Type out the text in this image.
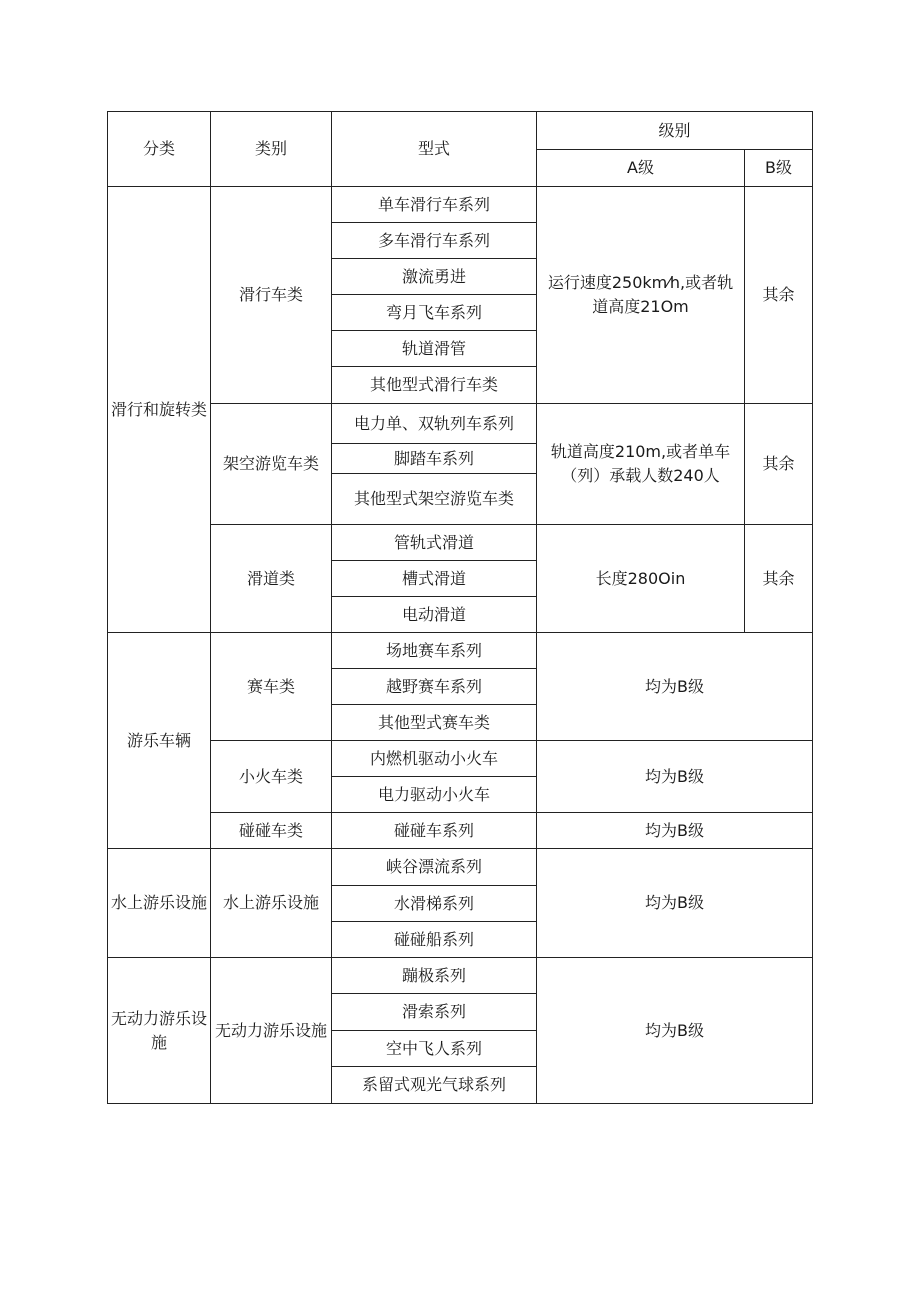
分类	类别	型式	级别	
			A级	B级
滑行和旋转类	滑行车类	单车滑行车系列	运行速度250km⁄h,或者轨道高度21Om	其余
		多车滑行车系列		
		激流勇进		
		弯月飞车系列		
		轨道滑管		
		其他型式滑行车类		
	架空游览车类	电力单、双轨列车系列	轨道高度210m,或者单车（列）承载人数240人	其余
		脚踏车系列		
		其他型式架空游览车类		
	滑道类	管轨式滑道	长度280Oin	其余
		槽式滑道		
		电动滑道		
游乐车辆	赛车类	场地赛车系列	均为B级	
		越野赛车系列		
		其他型式赛车类		
	小火车类	内燃机驱动小火车	均为B级	
		电力驱动小火车		
	碰碰车类	碰碰车系列	均为B级	
水上游乐设施	水上游乐设施	峡谷漂流系列	均为B级	
		水滑梯系列		
		碰碰船系列		
无动力游乐设施	无动力游乐设施	蹦极系列	均为B级	
		滑索系列		
		空中飞人系列		
		系留式观光气球系列		
